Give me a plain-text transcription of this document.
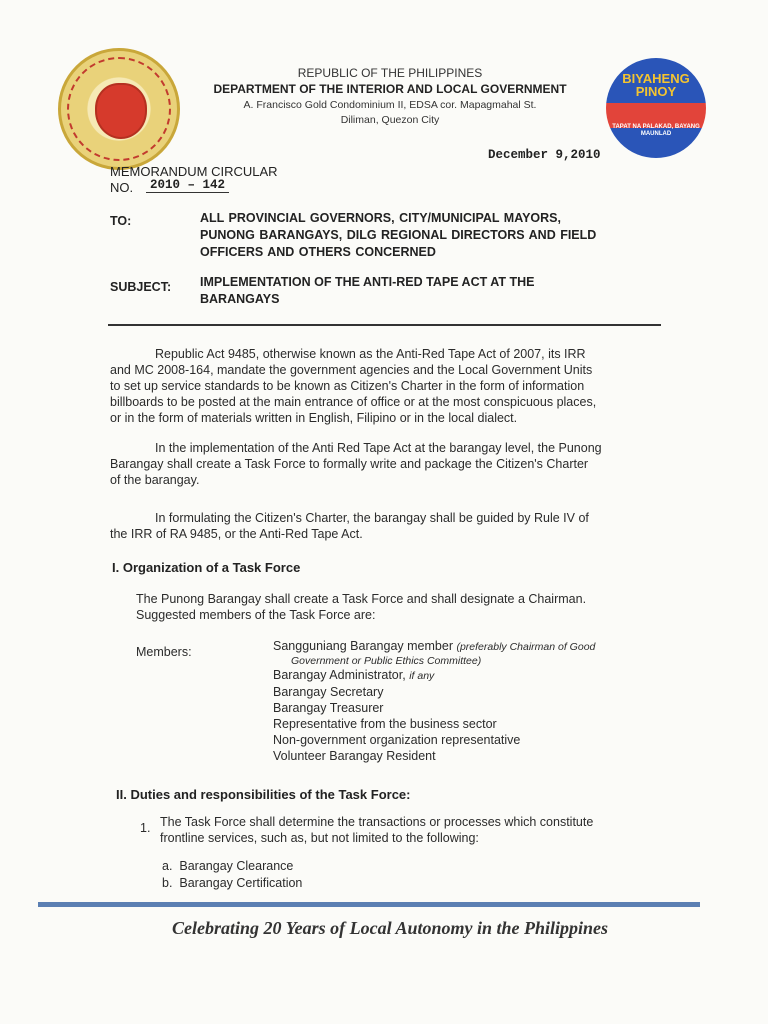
BIYAHENG PINOY
TAPAT NA PALAKAD, BAYANG MAUNLAD
REPUBLIC OF THE PHILIPPINES
DEPARTMENT OF THE INTERIOR AND LOCAL GOVERNMENT
A. Francisco Gold Condominium II, EDSA cor. Mapagmahal St.
Diliman, Quezon City
December 9,2010
MEMORANDUM CIRCULAR
NO.	2010 – 142
TO:	ALL PROVINCIAL GOVERNORS, CITY/MUNICIPAL MAYORS,
PUNONG BARANGAYS, DILG REGIONAL DIRECTORS AND FIELD
OFFICERS AND OTHERS CONCERNED
SUBJECT: IMPLEMENTATION OF THE ANTI-RED TAPE ACT AT THE
BARANGAYS
Republic Act 9485, otherwise known as the Anti-Red Tape Act of 2007, its IRR
and MC 2008-164, mandate the government agencies and the Local Government Units
to set up service standards to be known as Citizen's Charter in the form of information
billboards to be posted at the main entrance of office or at the most conspicuous places,
or in the form of materials written in English, Filipino or in the local dialect.
In the implementation of the Anti Red Tape Act at the barangay level, the Punong
Barangay shall create a Task Force to formally write and package the Citizen's Charter
of the barangay.
In formulating the Citizen's Charter, the barangay shall be guided by Rule IV of
the IRR of RA 9485, or the Anti-Red Tape Act.
I. Organization of a Task Force
The Punong Barangay shall create a Task Force and shall designate a Chairman.
Suggested members of the Task Force are:
Members:	Sangguniang Barangay member (preferably Chairman of Good
Government or Public Ethics Committee)
Barangay Administrator, if any
Barangay Secretary
Barangay Treasurer
Representative from the business sector
Non-government organization representative
Volunteer Barangay Resident
II. Duties and responsibilities of the Task Force:
1. The Task Force shall determine the transactions or processes which constitute
frontline services, such as, but not limited to the following:
a. Barangay Clearance
b. Barangay Certification
Celebrating 20 Years of Local Autonomy in the Philippines
